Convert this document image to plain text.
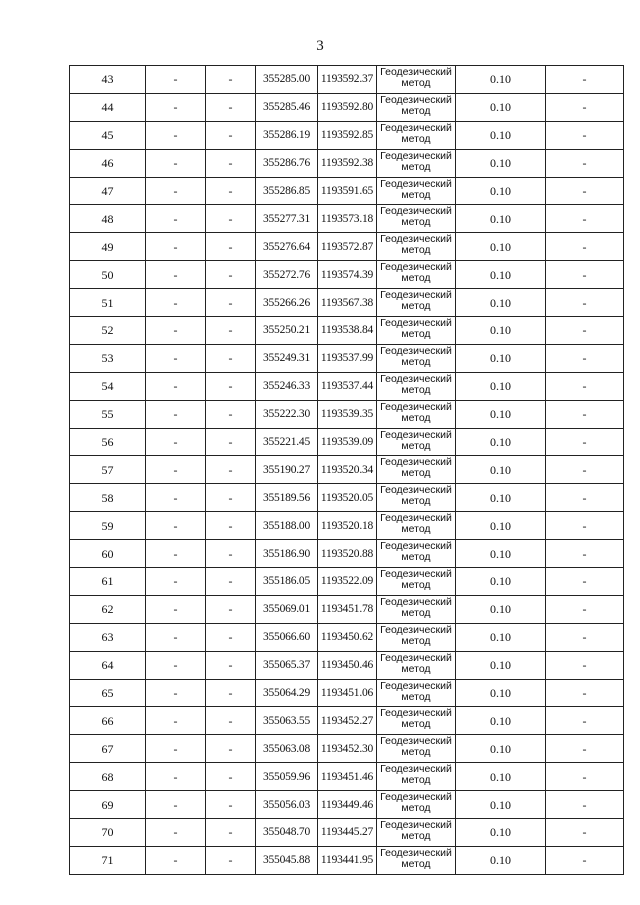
3
43	-	-	355285.00	1193592.37	Геодезический метод	0.10	-
44	-	-	355285.46	1193592.80	Геодезический метод	0.10	-
45	-	-	355286.19	1193592.85	Геодезический метод	0.10	-
46	-	-	355286.76	1193592.38	Геодезический метод	0.10	-
47	-	-	355286.85	1193591.65	Геодезический метод	0.10	-
48	-	-	355277.31	1193573.18	Геодезический метод	0.10	-
49	-	-	355276.64	1193572.87	Геодезический метод	0.10	-
50	-	-	355272.76	1193574.39	Геодезический метод	0.10	-
51	-	-	355266.26	1193567.38	Геодезический метод	0.10	-
52	-	-	355250.21	1193538.84	Геодезический метод	0.10	-
53	-	-	355249.31	1193537.99	Геодезический метод	0.10	-
54	-	-	355246.33	1193537.44	Геодезический метод	0.10	-
55	-	-	355222.30	1193539.35	Геодезический метод	0.10	-
56	-	-	355221.45	1193539.09	Геодезический метод	0.10	-
57	-	-	355190.27	1193520.34	Геодезический метод	0.10	-
58	-	-	355189.56	1193520.05	Геодезический метод	0.10	-
59	-	-	355188.00	1193520.18	Геодезический метод	0.10	-
60	-	-	355186.90	1193520.88	Геодезический метод	0.10	-
61	-	-	355186.05	1193522.09	Геодезический метод	0.10	-
62	-	-	355069.01	1193451.78	Геодезический метод	0.10	-
63	-	-	355066.60	1193450.62	Геодезический метод	0.10	-
64	-	-	355065.37	1193450.46	Геодезический метод	0.10	-
65	-	-	355064.29	1193451.06	Геодезический метод	0.10	-
66	-	-	355063.55	1193452.27	Геодезический метод	0.10	-
67	-	-	355063.08	1193452.30	Геодезический метод	0.10	-
68	-	-	355059.96	1193451.46	Геодезический метод	0.10	-
69	-	-	355056.03	1193449.46	Геодезический метод	0.10	-
70	-	-	355048.70	1193445.27	Геодезический метод	0.10	-
71	-	-	355045.88	1193441.95	Геодезический метод	0.10	-
